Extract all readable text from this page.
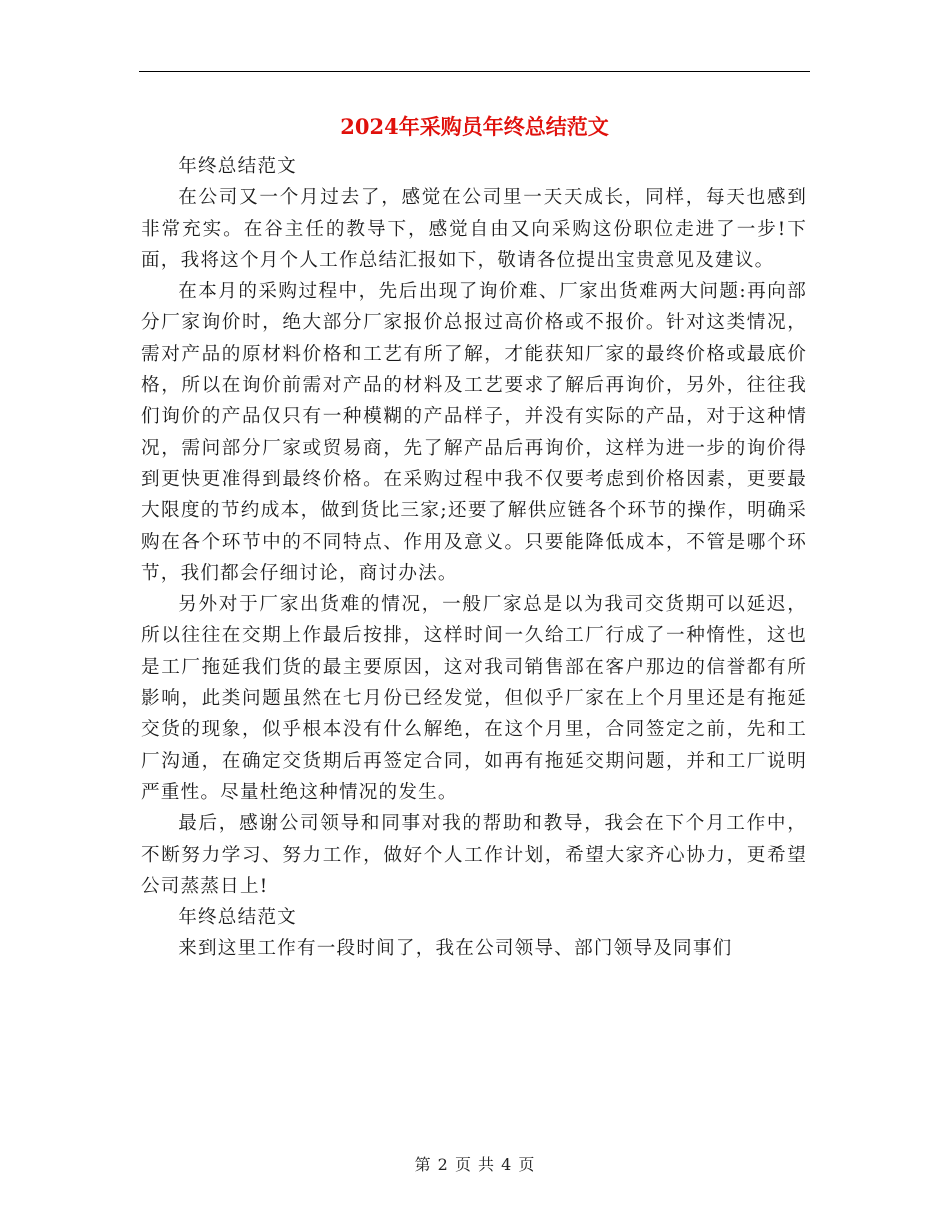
2024年采购员年终总结范文

年终总结范文

在公司又一个月过去了，感觉在公司里一天天成长，同样，每天也感到非常充实。在谷主任的教导下，感觉自由又向采购这份职位走进了一步!下面，我将这个月个人工作总结汇报如下，敬请各位提出宝贵意见及建议。

在本月的采购过程中，先后出现了询价难、厂家出货难两大问题:再向部分厂家询价时，绝大部分厂家报价总报过高价格或不报价。针对这类情况，需对产品的原材料价格和工艺有所了解，才能获知厂家的最终价格或最底价格，所以在询价前需对产品的材料及工艺要求了解后再询价，另外，往往我们询价的产品仅只有一种模糊的产品样子，并没有实际的产品，对于这种情况，需问部分厂家或贸易商，先了解产品后再询价，这样为进一步的询价得到更快更准得到最终价格。在采购过程中我不仅要考虑到价格因素，更要最大限度的节约成本，做到货比三家;还要了解供应链各个环节的操作，明确采购在各个环节中的不同特点、作用及意义。只要能降低成本，不管是哪个环节，我们都会仔细讨论，商讨办法。

另外对于厂家出货难的情况，一般厂家总是以为我司交货期可以延迟，所以往往在交期上作最后按排，这样时间一久给工厂行成了一种惰性，这也是工厂拖延我们货的最主要原因，这对我司销售部在客户那边的信誉都有所影响，此类问题虽然在七月份已经发觉，但似乎厂家在上个月里还是有拖延交货的现象，似乎根本没有什么解绝，在这个月里，合同签定之前，先和工厂沟通，在确定交货期后再签定合同，如再有拖延交期问题，并和工厂说明严重性。尽量杜绝这种情况的发生。

最后，感谢公司领导和同事对我的帮助和教导，我会在下个月工作中，不断努力学习、努力工作，做好个人工作计划，希望大家齐心协力，更希望公司蒸蒸日上!

年终总结范文

来到这里工作有一段时间了，我在公司领导、部门领导及同事们

第 2 页 共 4 页
